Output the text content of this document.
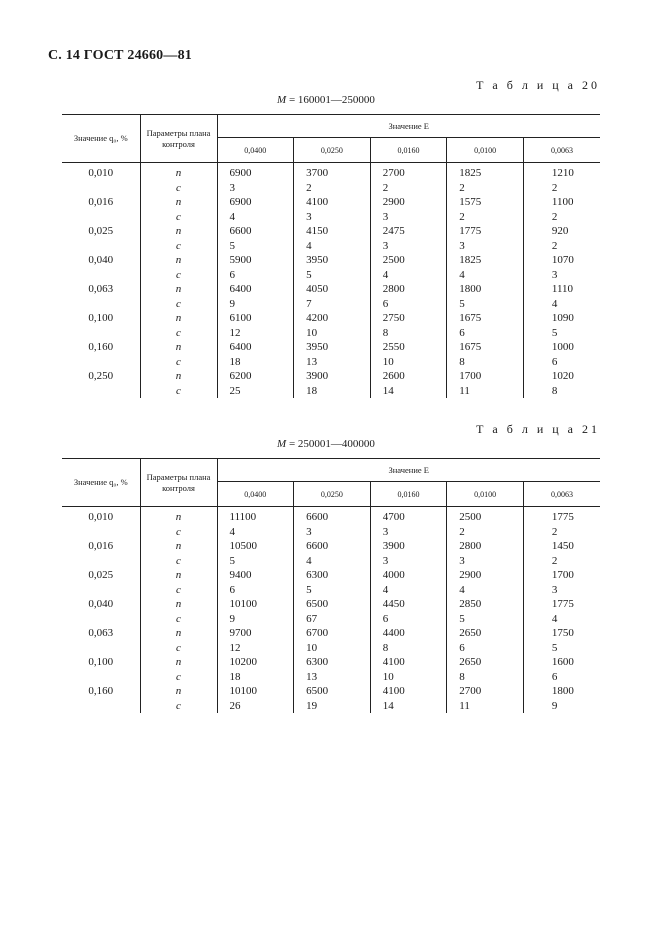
С. 14 ГОСТ 24660—81
Т а б л и ц а 20
M = 160001—250000
Значение q₀, %	Параметры плана контроля	Значение E				
		0,0400	0,0250	0,0160	0,0100	0,0063
0,010	n	6900	3700	2700	1825	1210
	c	3	2	2	2	2
0,016	n	6900	4100	2900	1575	1100
	c	4	3	3	2	2
0,025	n	6600	4150	2475	1775	920
	c	5	4	3	3	2
0,040	n	5900	3950	2500	1825	1070
	c	6	5	4	4	3
0,063	n	6400	4050	2800	1800	1110
	c	9	7	6	5	4
0,100	n	6100	4200	2750	1675	1090
	c	12	10	8	6	5
0,160	n	6400	3950	2550	1675	1000
	c	18	13	10	8	6
0,250	n	6200	3900	2600	1700	1020
	c	25	18	14	11	8
Т а б л и ц а 21
M = 250001—400000
Значение q₀, %	Параметры плана контроля	Значение E				
		0,0400	0,0250	0,0160	0,0100	0,0063
0,010	n	11100	6600	4700	2500	1775
	c	4	3	3	2	2
0,016	n	10500	6600	3900	2800	1450
	c	5	4	3	3	2
0,025	n	9400	6300	4000	2900	1700
	c	6	5	4	4	3
0,040	n	10100	6500	4450	2850	1775
	c	9	67	6	5	4
0,063	n	9700	6700	4400	2650	1750
	c	12	10	8	6	5
0,100	n	10200	6300	4100	2650	1600
	c	18	13	10	8	6
0,160	n	10100	6500	4100	2700	1800
	c	26	19	14	11	9
